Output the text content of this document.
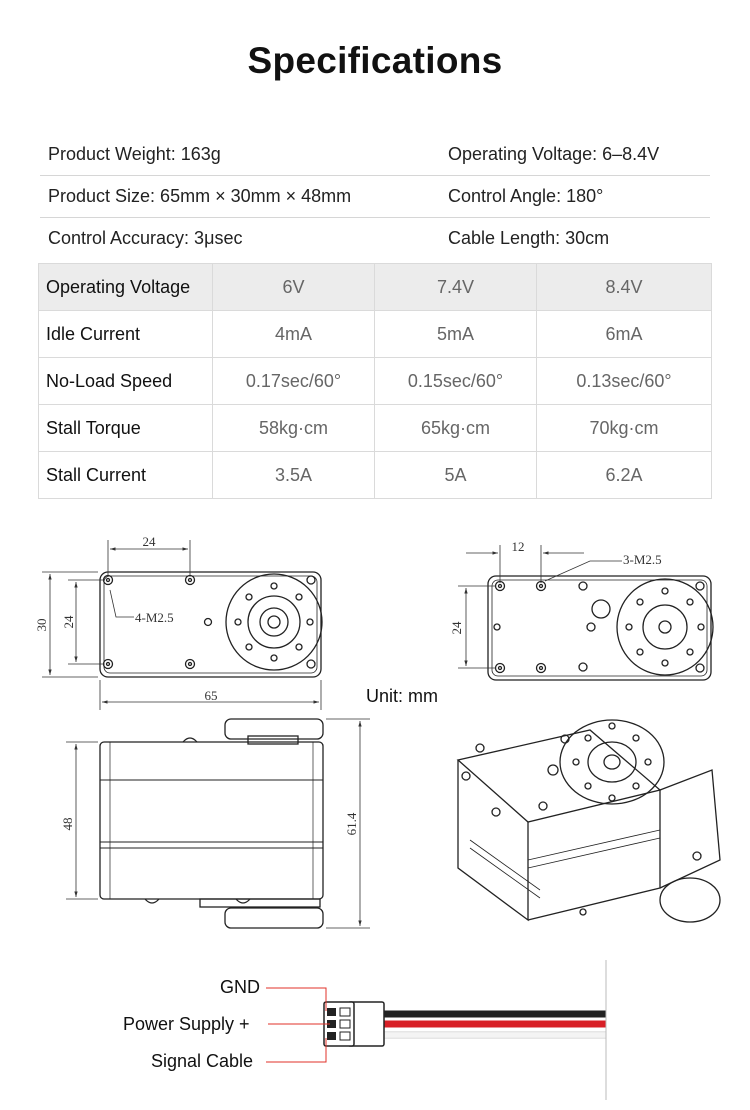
Specifications
Product Weight: 163g	Operating Voltage: 6–8.4V
Product Size: 65mm × 30mm × 48mm	Control Angle: 180°
Control Accuracy: 3μsec	Cable Length: 30cm
Operating Voltage	6V	7.4V	8.4V
Idle Current	4mA	5mA	6mA
No-Load Speed	0.17sec/60°	0.15sec/60°	0.13sec/60°
Stall Torque	58kg·cm	65kg·cm	70kg·cm
Stall Current	3.5A	5A	6.2A
Unit: mm
24
65
4-M2.5
30 24
12
3-M2.5
24
48	61.4
GND
Power Supply +
Signal Cable
